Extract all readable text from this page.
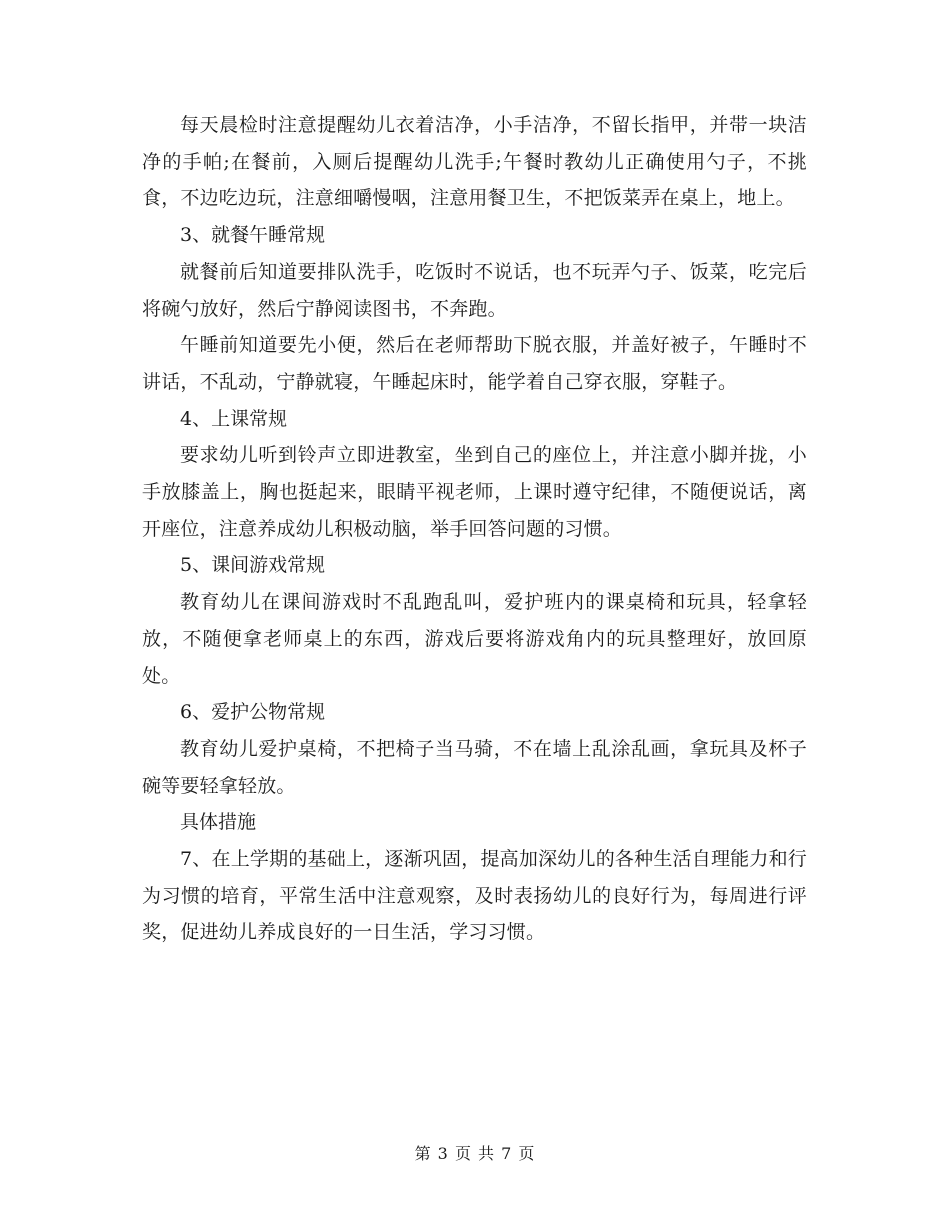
每天晨检时注意提醒幼儿衣着洁净，小手洁净，不留长指甲，并带一块洁净的手帕;在餐前，入厕后提醒幼儿洗手;午餐时教幼儿正确使用勺子，不挑食，不边吃边玩，注意细嚼慢咽，注意用餐卫生，不把饭菜弄在桌上，地上。

3、就餐午睡常规

就餐前后知道要排队洗手，吃饭时不说话，也不玩弄勺子、饭菜，吃完后将碗勺放好，然后宁静阅读图书，不奔跑。

午睡前知道要先小便，然后在老师帮助下脱衣服，并盖好被子，午睡时不讲话，不乱动，宁静就寝，午睡起床时，能学着自己穿衣服，穿鞋子。

4、上课常规

要求幼儿听到铃声立即进教室，坐到自己的座位上，并注意小脚并拢，小手放膝盖上，胸也挺起来，眼睛平视老师，上课时遵守纪律，不随便说话，离开座位，注意养成幼儿积极动脑，举手回答问题的习惯。

5、课间游戏常规

教育幼儿在课间游戏时不乱跑乱叫，爱护班内的课桌椅和玩具，轻拿轻放，不随便拿老师桌上的东西，游戏后要将游戏角内的玩具整理好，放回原处。

6、爱护公物常规

教育幼儿爱护桌椅，不把椅子当马骑，不在墙上乱涂乱画，拿玩具及杯子碗等要轻拿轻放。

具体措施

7、在上学期的基础上，逐渐巩固，提高加深幼儿的各种生活自理能力和行为习惯的培育，平常生活中注意观察，及时表扬幼儿的良好行为，每周进行评奖，促进幼儿养成良好的一日生活，学习习惯。

第 3 页 共 7 页
